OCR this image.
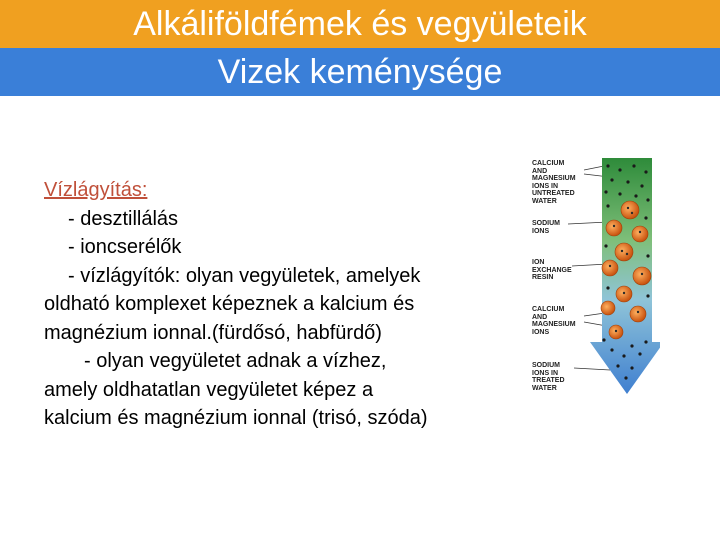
Alkáliföldfémek és vegyületeik
Vizek keménysége
Vízlágyítás:
- desztillálás
- ioncserélők
- vízlágyítók: olyan vegyületek, amelyek
oldható komplexet képeznek a kalcium és
magnézium ionnal.(fürdősó, habfürdő)
- olyan vegyületet adnak a vízhez,
amely oldhatatlan vegyületet képez a
kalcium és magnézium ionnal (trisó, szóda)
CALCIUM
AND
MAGNESIUM
IONS IN
UNTREATED
WATER
SODIUM
IONS
ION
EXCHANGE
RESIN
CALCIUM
AND
MAGNESIUM
IONS
SODIUM
IONS IN
TREATED
WATER
